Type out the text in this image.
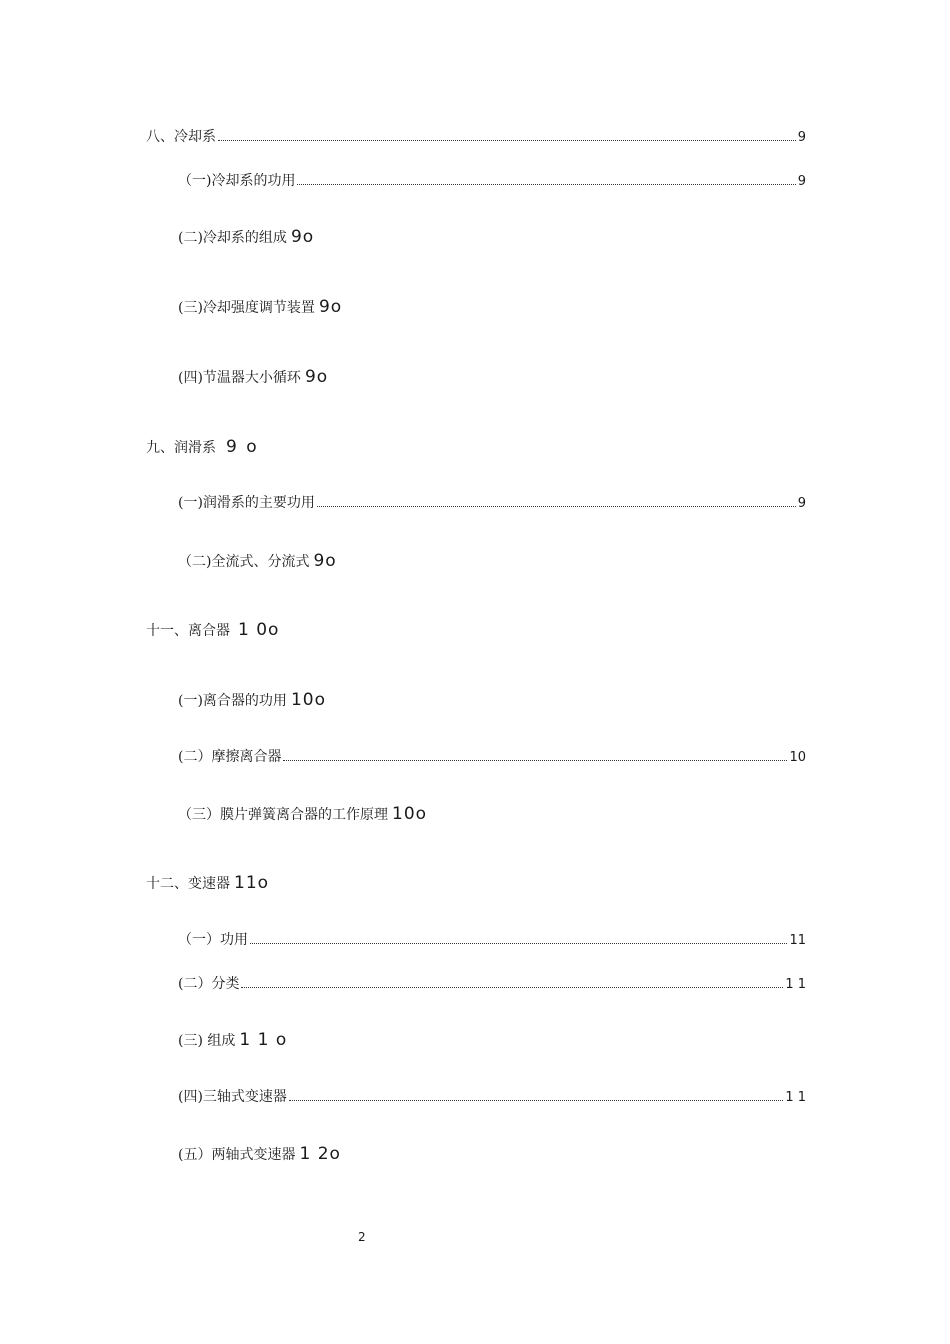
八、冷却系	9
（一)冷却系的功用	9
(二)冷却系的组成 9o
(三)冷却强度调节装置 9o
(四)节温器大小循环 9o
九、润滑系 9 o
(一)润滑系的主要功用	9
（二)全流式、分流式 9o
十一、离合器 1 0o
(一)离合器的功用 10o
(二）摩擦离合器	10
（三）膜片弹簧离合器的工作原理 10o
十二、变速器 11o
（一）功用	11
(二）分类	1 1
(三) 组成 1 1 o
(四)三轴式变速器	1 1
(五）两轴式变速器 1 2o
2
